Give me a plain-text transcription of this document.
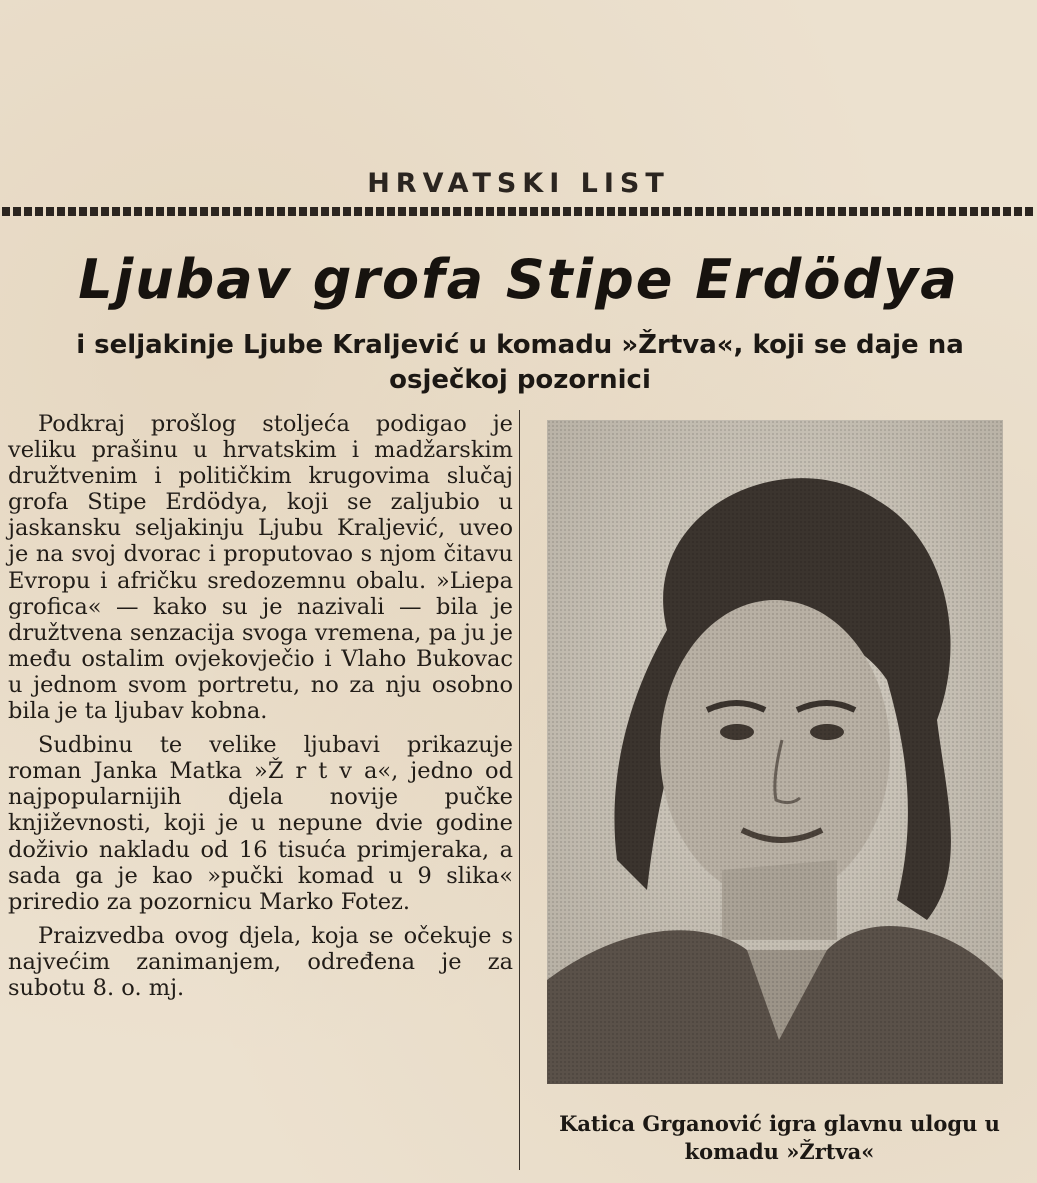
HRVATSKI LIST
Ljubav grofa Stipe Erdödya
i seljakinje Ljube Kraljević u komadu »Žrtva«, koji se daje na osječkoj pozornici

Podkraj prošlog stoljeća podigao je veliku prašinu u hrvatskim i madžarskim družtvenim i političkim krugovima slučaj grofa Stipe Erdödya, koji se zaljubio u jaskansku seljakinju Ljubu Kraljević, uveo je na svoj dvorac i proputovao s njom čitavu Evropu i afričku sredozemnu obalu. »Liepa grofica« — kako su je nazivali — bila je družtvena senzacija svoga vremena, pa ju je među ostalim ovjekovječio i Vlaho Bukovac u jednom svom portretu, no za nju osobno bila je ta ljubav kobna.

Sudbinu te velike ljubavi prikazuje roman Janka Matka »Ž r t v a«, jedno od najpopularnijih djela novije pučke književnosti, koji je u nepune dvie godine doživio nakladu od 16 tisuća primjeraka, a sada ga je kao »pučki komad u 9 slika« priredio za pozornicu Marko Fotez.

Praizvedba ovog djela, koja se očekuje s najvećim zanimanjem, određena je za subotu 8. o. mj.

Katica Grganović igra glavnu ulogu u komadu »Žrtva«
